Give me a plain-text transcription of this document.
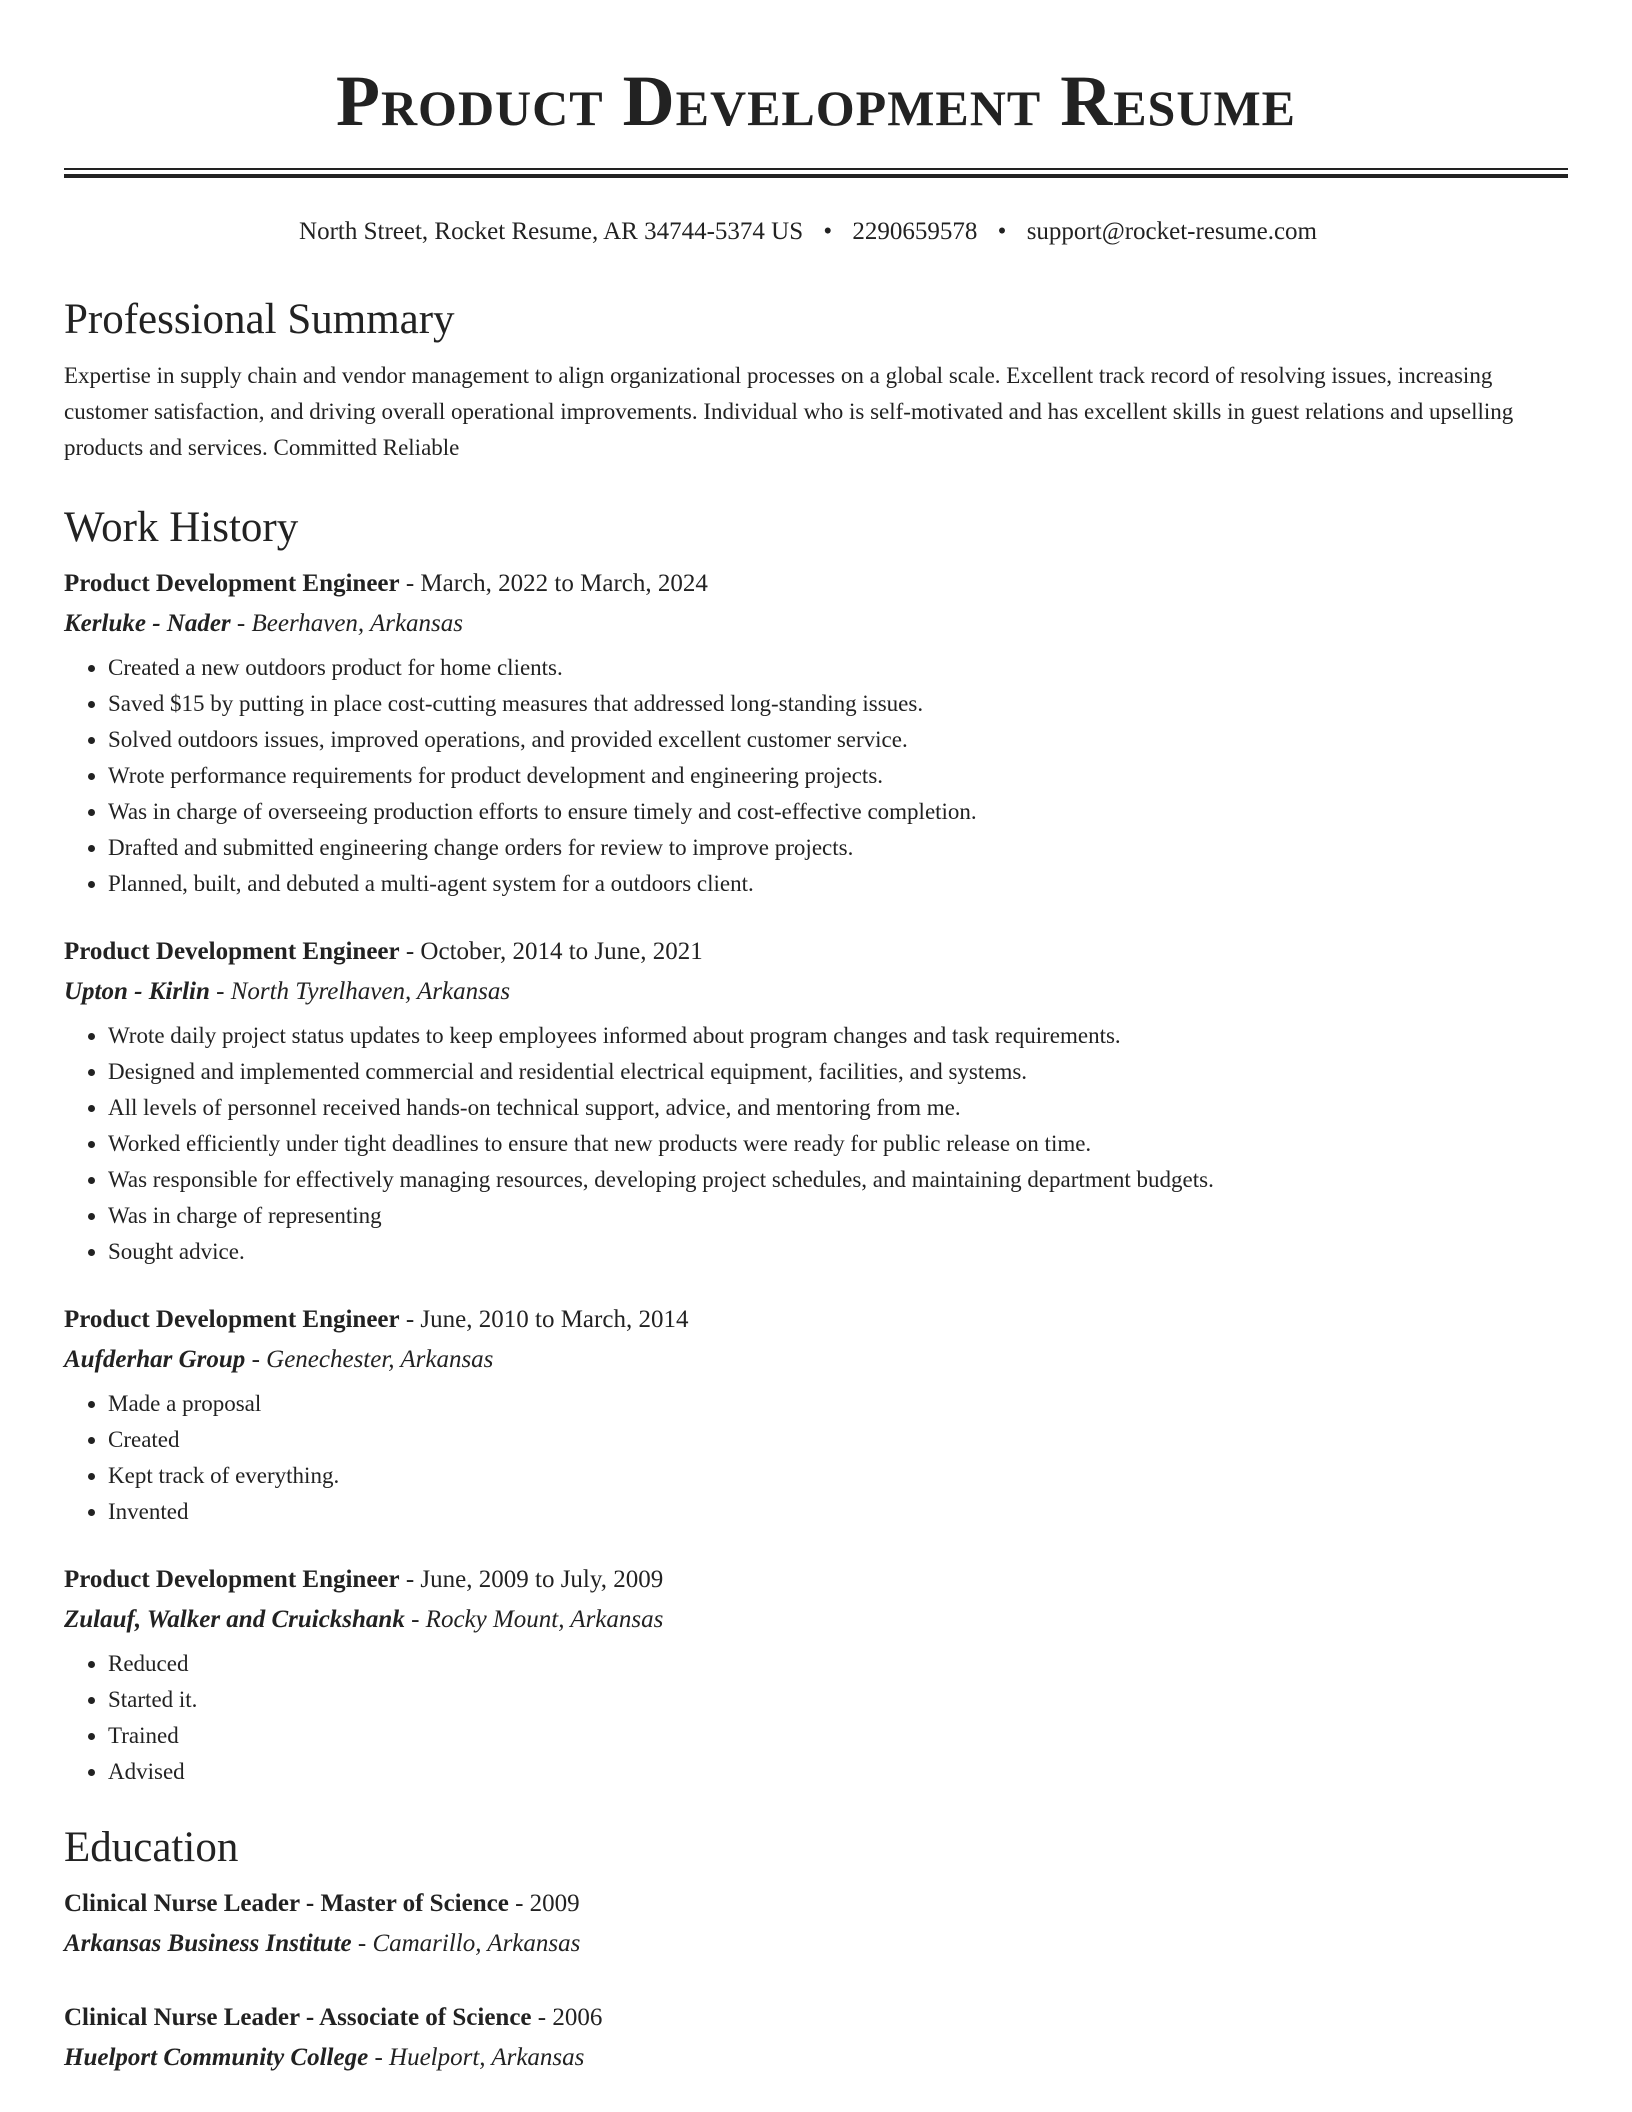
Product Development Resume
North Street, Rocket Resume, AR 34744-5374 US • 2290659578 • support@rocket-resume.com
Professional Summary

Expertise in supply chain and vendor management to align organizational processes on a global scale. Excellent track record of resolving issues, increasing customer satisfaction, and driving overall operational improvements. Individual who is self-motivated and has excellent skills in guest relations and upselling products and services. Committed Reliable

Work History
Product Development Engineer - March, 2022 to March, 2024
Kerluke - Nader - Beerhaven, Arkansas
• Created a new outdoors product for home clients.
• Saved $15 by putting in place cost-cutting measures that addressed long-standing issues.
• Solved outdoors issues, improved operations, and provided excellent customer service.
• Wrote performance requirements for product development and engineering projects.
• Was in charge of overseeing production efforts to ensure timely and cost-effective completion.
• Drafted and submitted engineering change orders for review to improve projects.
• Planned, built, and debuted a multi-agent system for a outdoors client.
Product Development Engineer - October, 2014 to June, 2021
Upton - Kirlin - North Tyrelhaven, Arkansas
• Wrote daily project status updates to keep employees informed about program changes and task requirements.
• Designed and implemented commercial and residential electrical equipment, facilities, and systems.
• All levels of personnel received hands-on technical support, advice, and mentoring from me.
• Worked efficiently under tight deadlines to ensure that new products were ready for public release on time.
• Was responsible for effectively managing resources, developing project schedules, and maintaining department budgets.
• Was in charge of representing
• Sought advice.
Product Development Engineer - June, 2010 to March, 2014
Aufderhar Group - Genechester, Arkansas
• Made a proposal
• Created
• Kept track of everything.
• Invented
Product Development Engineer - June, 2009 to July, 2009
Zulauf, Walker and Cruickshank - Rocky Mount, Arkansas
• Reduced
• Started it.
• Trained
• Advised
Education
Clinical Nurse Leader - Master of Science - 2009
Arkansas Business Institute - Camarillo, Arkansas
Clinical Nurse Leader - Associate of Science - 2006
Huelport Community College - Huelport, Arkansas
